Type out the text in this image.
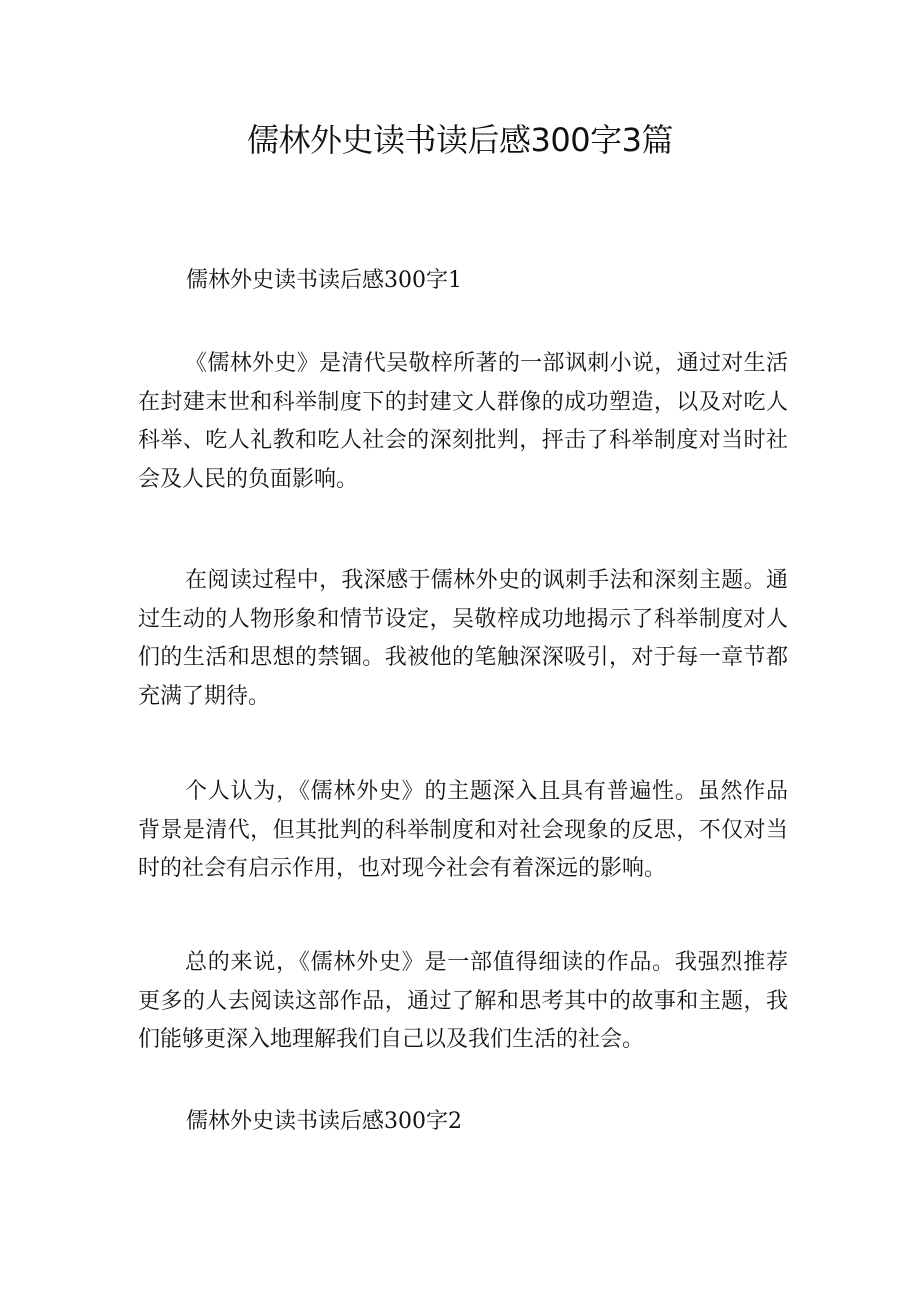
儒林外史读书读后感300字3篇
儒林外史读书读后感300字1
《儒林外史》是清代吴敬梓所著的一部讽刺小说，通过对生活在封建末世和科举制度下的封建文人群像的成功塑造，以及对吃人科举、吃人礼教和吃人社会的深刻批判，抨击了科举制度对当时社会及人民的负面影响。
在阅读过程中，我深感于儒林外史的讽刺手法和深刻主题。通过生动的人物形象和情节设定，吴敬梓成功地揭示了科举制度对人们的生活和思想的禁锢。我被他的笔触深深吸引，对于每一章节都充满了期待。
个人认为，《儒林外史》的主题深入且具有普遍性。虽然作品背景是清代，但其批判的科举制度和对社会现象的反思，不仅对当时的社会有启示作用，也对现今社会有着深远的影响。
总的来说，《儒林外史》是一部值得细读的作品。我强烈推荐更多的人去阅读这部作品，通过了解和思考其中的故事和主题，我们能够更深入地理解我们自己以及我们生活的社会。
儒林外史读书读后感300字2
